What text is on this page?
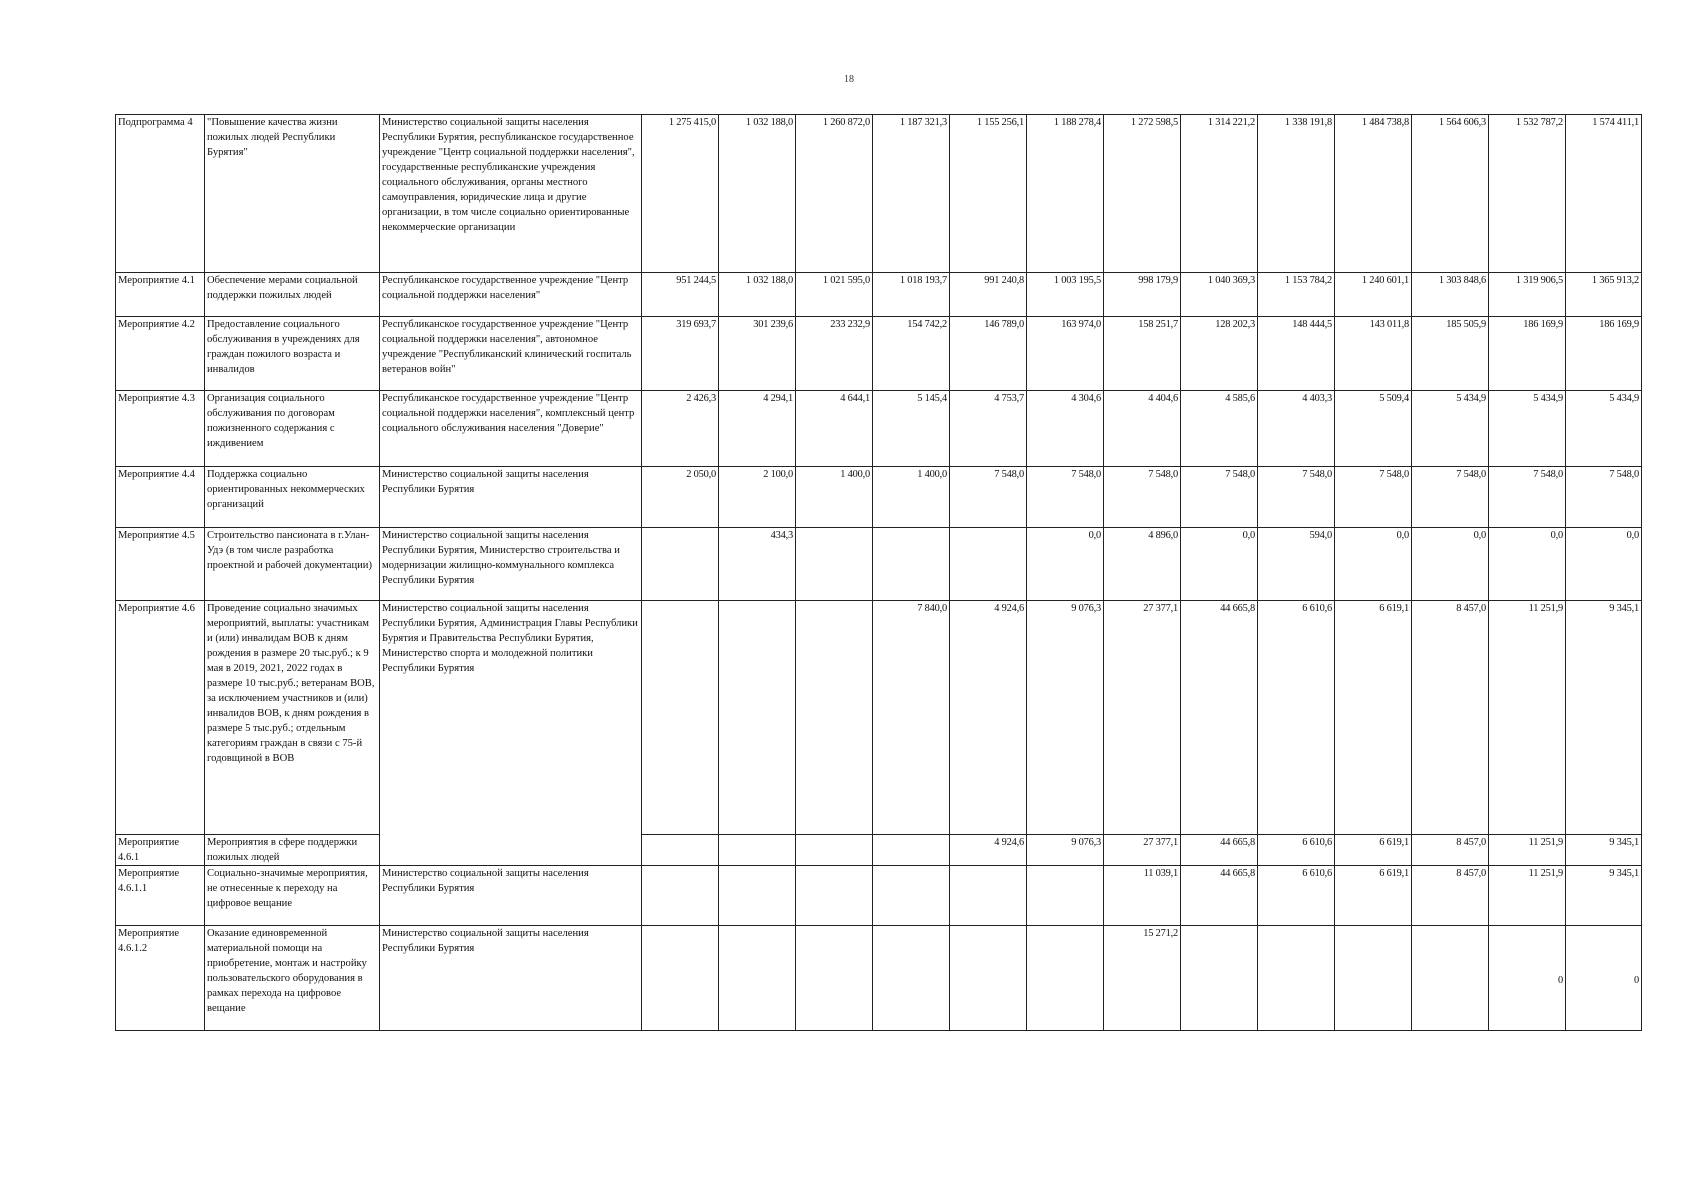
18
Подпрограмма 4	"Повышение качества жизни пожилых людей Республики Бурятия"	Министерство социальной защиты населения Республики Бурятия, республиканское государственное учреждение "Центр социальной поддержки населения", государственные республиканские учреждения социального обслуживания, органы местного самоуправления, юридические лица и другие организации, в том числе социально ориентированные некоммерческие организации	1 275 415,0	1 032 188,0	1 260 872,0	1 187 321,3	1 155 256,1	1 188 278,4	1 272 598,5	1 314 221,2	1 338 191,8	1 484 738,8	1 564 606,3	1 532 787,2	1 574 411,1
Мероприятие 4.1	Обеспечение мерами социальной поддержки пожилых людей	Республиканское государственное учреждение "Центр социальной поддержки населения"	951 244,5	1 032 188,0	1 021 595,0	1 018 193,7	991 240,8	1 003 195,5	998 179,9	1 040 369,3	1 153 784,2	1 240 601,1	1 303 848,6	1 319 906,5	1 365 913,2
Мероприятие 4.2	Предоставление социального обслуживания в учреждениях для граждан пожилого возраста и инвалидов	Республиканское государственное учреждение "Центр социальной поддержки населения", автономное учреждение "Республиканский клинический госпиталь ветеранов войн"	319 693,7	301 239,6	233 232,9	154 742,2	146 789,0	163 974,0	158 251,7	128 202,3	148 444,5	143 011,8	185 505,9	186 169,9	186 169,9
Мероприятие 4.3	Организация социального обслуживания по договорам пожизненного содержания с иждивением	Республиканское государственное учреждение "Центр социальной поддержки населения", комплексный центр социального обслуживания населения "Доверие"	2 426,3	4 294,1	4 644,1	5 145,4	4 753,7	4 304,6	4 404,6	4 585,6	4 403,3	5 509,4	5 434,9	5 434,9	5 434,9
Мероприятие 4.4	Поддержка социально ориентированных некоммерческих организаций	Министерство социальной защиты населения Республики Бурятия	2 050,0	2 100,0	1 400,0	1 400,0	7 548,0	7 548,0	7 548,0	7 548,0	7 548,0	7 548,0	7 548,0	7 548,0	7 548,0
Мероприятие 4.5	Строительство пансионата в г.Улан-Удэ (в том числе разработка проектной и рабочей документации)	Министерство социальной защиты населения Республики Бурятия, Министерство строительства и модернизации жилищно-коммунального комплекса Республики Бурятия		434,3				0,0	4 896,0	0,0	594,0	0,0	0,0	0,0	0,0
Мероприятие 4.6	Проведение социально значимых мероприятий, выплаты: участникам и (или) инвалидам ВОВ к дням рождения в размере 20 тыс.руб.; к 9 мая в 2019, 2021, 2022 годах в размере 10 тыс.руб.; ветеранам ВОВ, за исключением участников и (или) инвалидов ВОВ, к дням рождения в размере 5 тыс.руб.; отдельным категориям граждан в связи с 75-й годовщиной в ВОВ	Министерство социальной защиты населения Республики Бурятия, Администрация Главы Республики Бурятия и Правительства Республики Бурятия, Министерство спорта и молодежной политики Республики Бурятия				7 840,0	4 924,6	9 076,3	27 377,1	44 665,8	6 610,6	6 619,1	8 457,0	11 251,9	9 345,1
Мероприятие 4.6.1	Мероприятия в сфере поддержки пожилых людей						4 924,6	9 076,3	27 377,1	44 665,8	6 610,6	6 619,1	8 457,0	11 251,9	9 345,1
Мероприятие 4.6.1.1	Социально-значимые мероприятия, не отнесенные к переходу на цифровое вещание	Министерство социальной защиты населения Республики Бурятия							11 039,1	44 665,8	6 610,6	6 619,1	8 457,0	11 251,9	9 345,1
Мероприятие 4.6.1.2	Оказание единовременной материальной помощи на приобретение, монтаж и настройку пользовательского оборудования в рамках перехода на цифровое вещание	Министерство социальной защиты населения Республики Бурятия							15 271,2					0	0
